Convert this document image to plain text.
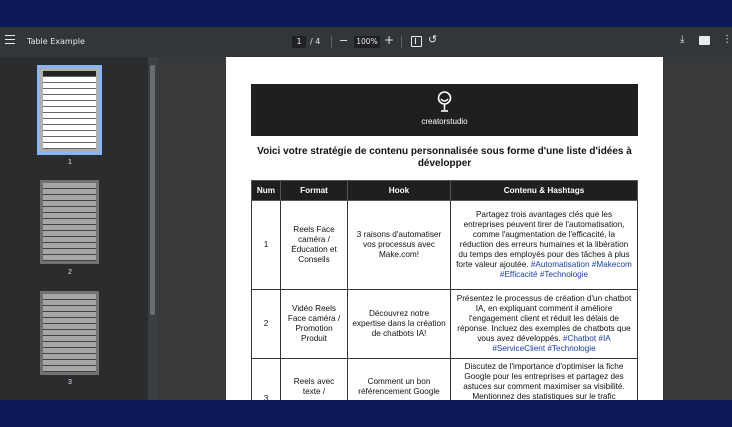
Table Example	1	/ 4 −	100% +	↺	⤓	⋮
1
2
3
creatorstudio
Voici votre stratégie de contenu personnalisée sous forme d'une liste d'idées à développer
Num	Format	Hook	Contenu & Hashtags
1	Reels Face caméra / Éducation et Conseils	3 raisons d'automatiser vos processus avec Make.com!	Partagez trois avantages clés que les entreprises peuvent tirer de l'automatisation, comme l'augmentation de l'efficacité, la réduction des erreurs humaines et la libération du temps des employés pour des tâches à plus forte valeur ajoutée. #Automatisation #Makecom #Efficacité #Technologie
2	Vidéo Reels Face caméra / Promotion Produit	Découvrez notre expertise dans la création de chatbots IA!	Présentez le processus de création d'un chatbot IA, en expliquant comment il améliore l'engagement client et réduit les délais de réponse. Incluez des exemples de chatbots que vous avez développés. #Chatbot #IA #ServiceClient #Technologie
3	Reels avec texte /	Comment un bon référencement Google	Discutez de l'importance d'optimiser la fiche Google pour les entreprises et partagez des astuces sur comment maximiser sa visibilité. Mentionnez des statistiques sur le trafic
